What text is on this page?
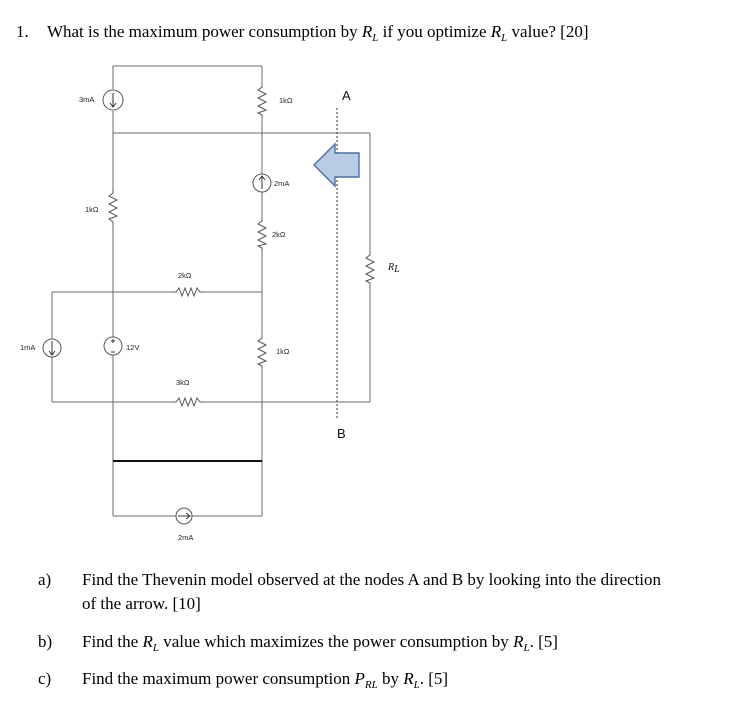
1. What is the maximum power consumption by $R_L$ if you optimize $R_L$ value? [20]
3mA	1kΩ
2mA
1kΩ
2kΩ
2kΩ
1mA	12V	1kΩ
3kΩ
2mA
RL
A
B
a) Find the Thevenin model observed at the nodes A and B by looking into the direction
of the arrow. [10]
b) Find the $R_L$ value which maximizes the power consumption by $R_L$. [5]
c) Find the maximum power consumption $P_{RL}$ by $R_L$. [5]
